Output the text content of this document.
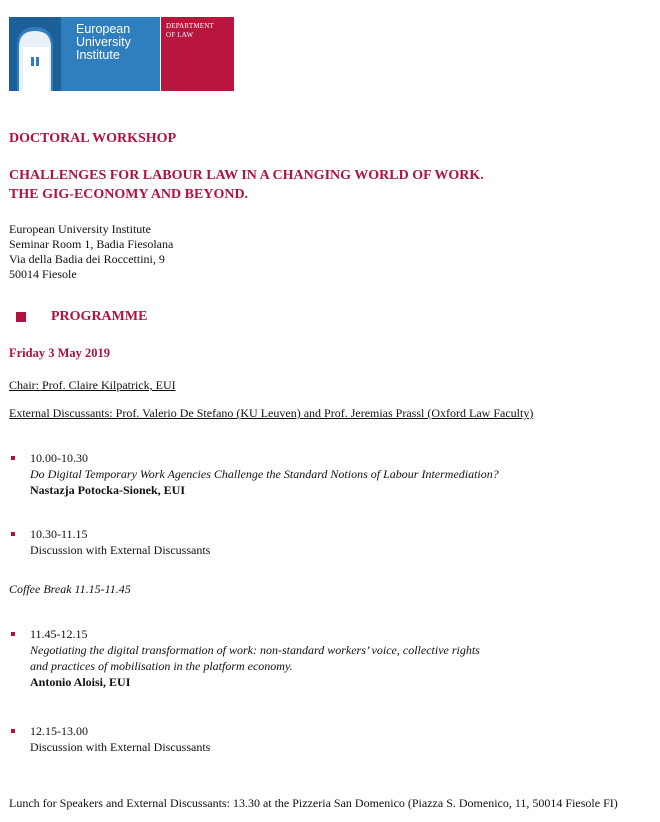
European
University
Institute
DEPARTMENT
OF LAW
DOCTORAL WORKSHOP
CHALLENGES FOR LABOUR LAW IN A CHANGING WORLD OF WORK.
THE GIG-ECONOMY AND BEYOND.
European University Institute
Seminar Room 1, Badia Fiesolana
Via della Badia dei Roccettini, 9
50014 Fiesole
PROGRAMME
Friday 3 May 2019
Chair: Prof. Claire Kilpatrick, EUI
External Discussants: Prof. Valerio De Stefano (KU Leuven) and Prof. Jeremias Prassl (Oxford Law Faculty)
10.00-10.30
Do Digital Temporary Work Agencies Challenge the Standard Notions of Labour Intermediation?
Nastazja Potocka-Sionek, EUI
10.30-11.15
Discussion with External Discussants
Coffee Break 11.15-11.45
11.45-12.15
Negotiating the digital transformation of work: non-standard workers’ voice, collective rights
and practices of mobilisation in the platform economy.
Antonio Aloisi, EUI
12.15-13.00
Discussion with External Discussants
Lunch for Speakers and External Discussants: 13.30 at the Pizzeria San Domenico (Piazza S. Domenico, 11, 50014 Fiesole FI)
